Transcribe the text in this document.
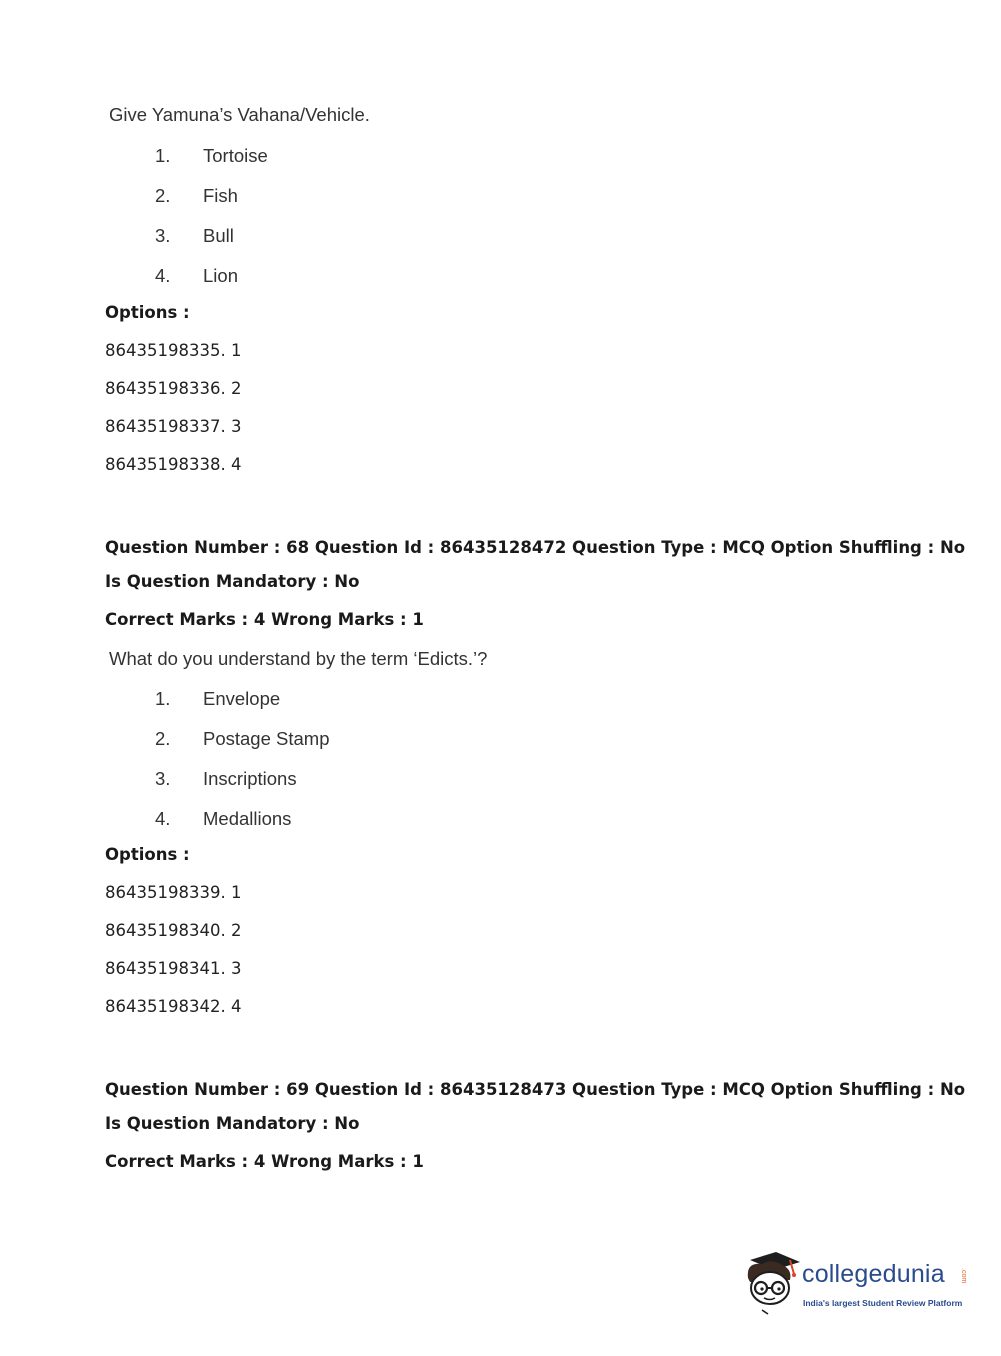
Give Yamuna’s Vahana/Vehicle.
1. Tortoise
2. Fish
3. Bull
4. Lion
Options :
86435198335. 1
86435198336. 2
86435198337. 3
86435198338. 4
Question Number : 68 Question Id : 86435128472 Question Type : MCQ Option Shuffling : No
Is Question Mandatory : No
Correct Marks : 4 Wrong Marks : 1
What do you understand by the term ‘Edicts.’?
1. Envelope
2. Postage Stamp
3. Inscriptions
4. Medallions
Options :
86435198339. 1
86435198340. 2
86435198341. 3
86435198342. 4
Question Number : 69 Question Id : 86435128473 Question Type : MCQ Option Shuffling : No
Is Question Mandatory : No
Correct Marks : 4 Wrong Marks : 1
collegedunia .com
India's largest Student Review Platform
